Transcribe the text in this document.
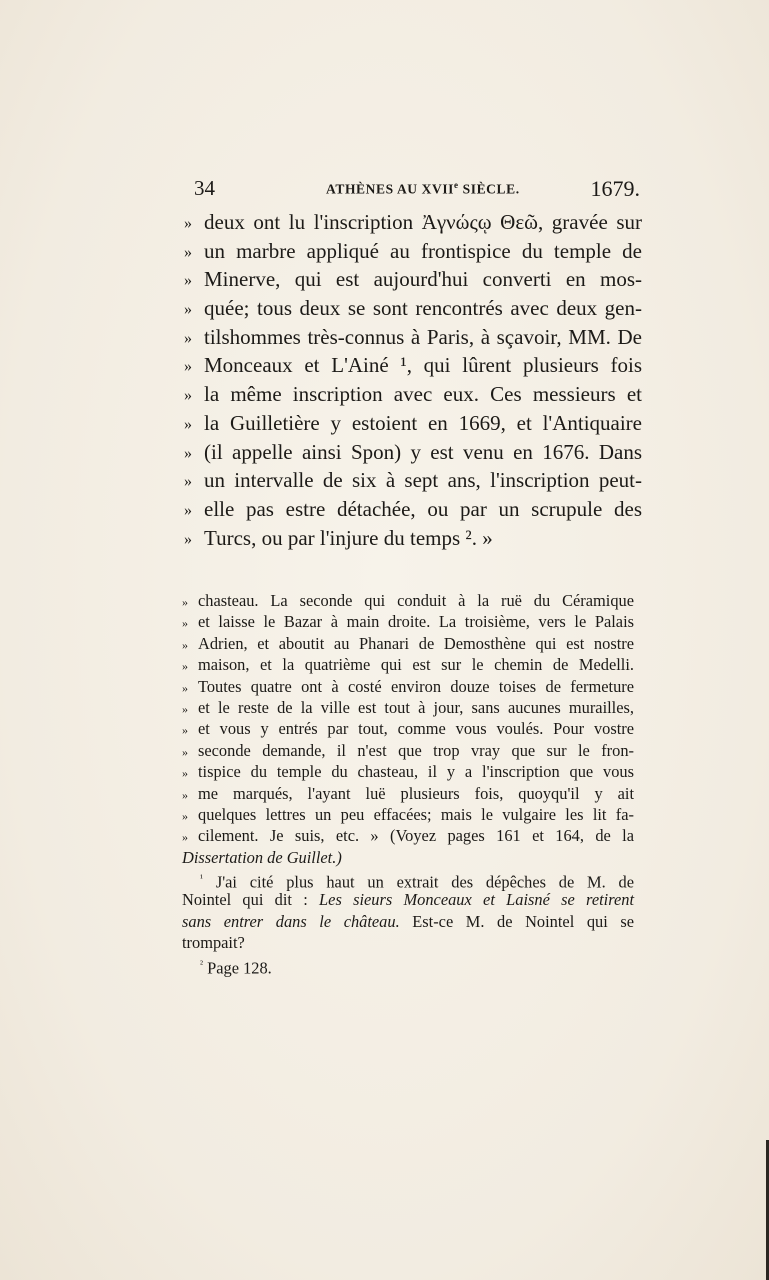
34	ATHÈNES AU XVIIe SIÈCLE.	1679.
» deux ont lu l'inscription Ἀγνώςῳ Θεῶ, gravée sur
» un marbre appliqué au frontispice du temple de
» Minerve, qui est aujourd'hui converti en mos-
» quée; tous deux se sont rencontrés avec deux gen-
» tilshommes très-connus à Paris, à sçavoir, MM. De
» Monceaux et L'Ainé ¹, qui lûrent plusieurs fois
» la même inscription avec eux. Ces messieurs et
» la Guilletière y estoient en 1669, et l'Antiquaire
» (il appelle ainsi Spon) y est venu en 1676. Dans
» un intervalle de six à sept ans, l'inscription peut-
» elle pas estre détachée, ou par un scrupule des
» Turcs, ou par l'injure du temps ². »
» chasteau. La seconde qui conduit à la ruë du Céramique
» et laisse le Bazar à main droite. La troisième, vers le Palais
» Adrien, et aboutit au Phanari de Demosthène qui est nostre
» maison, et la quatrième qui est sur le chemin de Medelli.
» Toutes quatre ont à costé environ douze toises de fermeture
» et le reste de la ville est tout à jour, sans aucunes murailles,
» et vous y entrés par tout, comme vous voulés. Pour vostre
» seconde demande, il n'est que trop vray que sur le fron-
» tispice du temple du chasteau, il y a l'inscription que vous
» me marqués, l'ayant luë plusieurs fois, quoyqu'il y ait
» quelques lettres un peu effacées; mais le vulgaire les lit fa-
» cilement. Je suis, etc. » (Voyez pages 161 et 164, de la
Dissertation de Guillet.)
$^{^1}$ J'ai cité plus haut un extrait des dépêches de M. de
Nointel qui dit : Les sieurs Monceaux et Laisné se retirent
sans entrer dans le château. Est-ce M. de Nointel qui se
trompait?
$^{^2}$ Page 128.
